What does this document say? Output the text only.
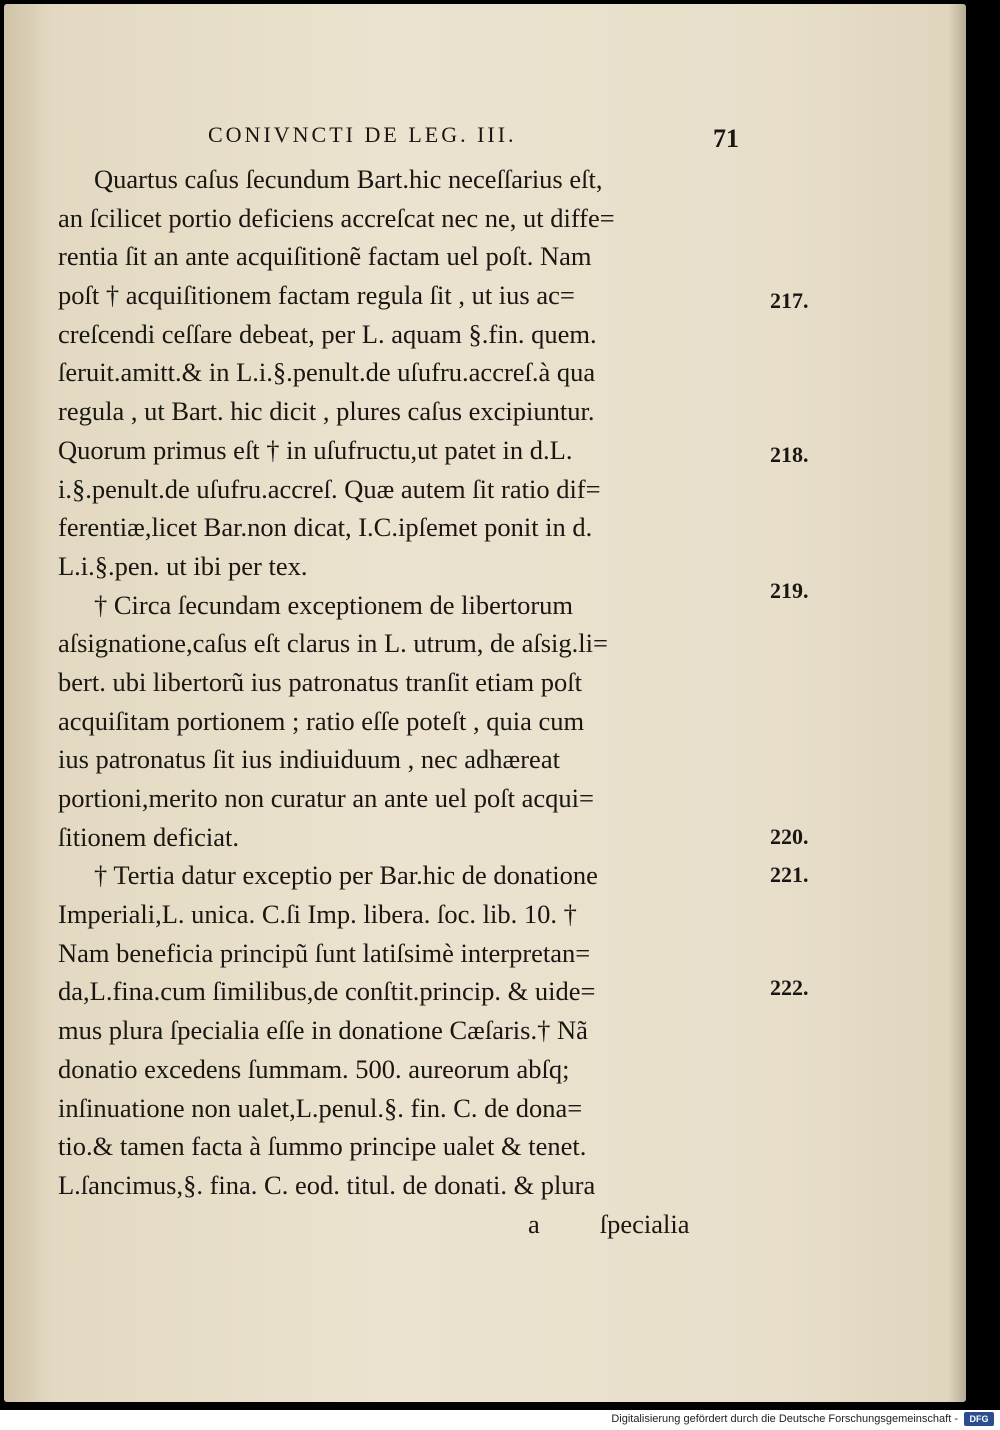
CONIVNCTI DE LEG. III.	71
Quartus caſus ſecundum Bart.hic neceſſarius eſt,
an ſcilicet portio deficiens accreſcat nec ne, ut diffe=
rentia ſit an ante acquiſitionẽ factam uel poſt. Nam
poſt † acquiſitionem factam regula ſit , ut ius ac=
creſcendi ceſſare debeat, per L. aquam §.fin. quem.
ſeruit.amitt.& in L.i.§.penult.de uſufru.accreſ.à qua
regula , ut Bart. hic dicit , plures caſus excipiuntur.
Quorum primus eſt † in uſufructu,ut patet in d.L.
i.§.penult.de uſufru.accreſ. Quæ autem ſit ratio dif=
ferentiæ,licet Bar.non dicat, I.C.ipſemet ponit in d.
L.i.§.pen. ut ibi per tex.
† Circa ſecundam exceptionem de libertorum
aſsignatione,caſus eſt clarus in L. utrum, de aſsig.li=
bert. ubi libertorũ ius patronatus tranſit etiam poſt
acquiſitam portionem ; ratio eſſe poteſt , quia cum
ius patronatus ſit ius indiuiduum , nec adhæreat
portioni,merito non curatur an ante uel poſt acqui=
ſitionem deficiat.
† Tertia datur exceptio per Bar.hic de donatione
Imperiali,L. unica. C.ſi Imp. libera. ſoc. lib. 10. †
Nam beneficia principũ ſunt latiſsimè interpretan=
da,L.fina.cum ſimilibus,de conſtit.princip. & uide=
mus plura ſpecialia eſſe in donatione Cæſaris.† Nã
donatio excedens ſummam. 500. aureorum abſq;
inſinuatione non ualet,L.penul.§. fin. C. de dona=
tio.& tamen facta à ſummo principe ualet & tenet.
L.ſancimus,§. fina. C. eod. titul. de donati. & plura
a ſpecialia
217.
218.
219.
220.
221.
222.
Digitalisierung gefördert durch die Deutsche Forschungsgemeinschaft -	DFG
